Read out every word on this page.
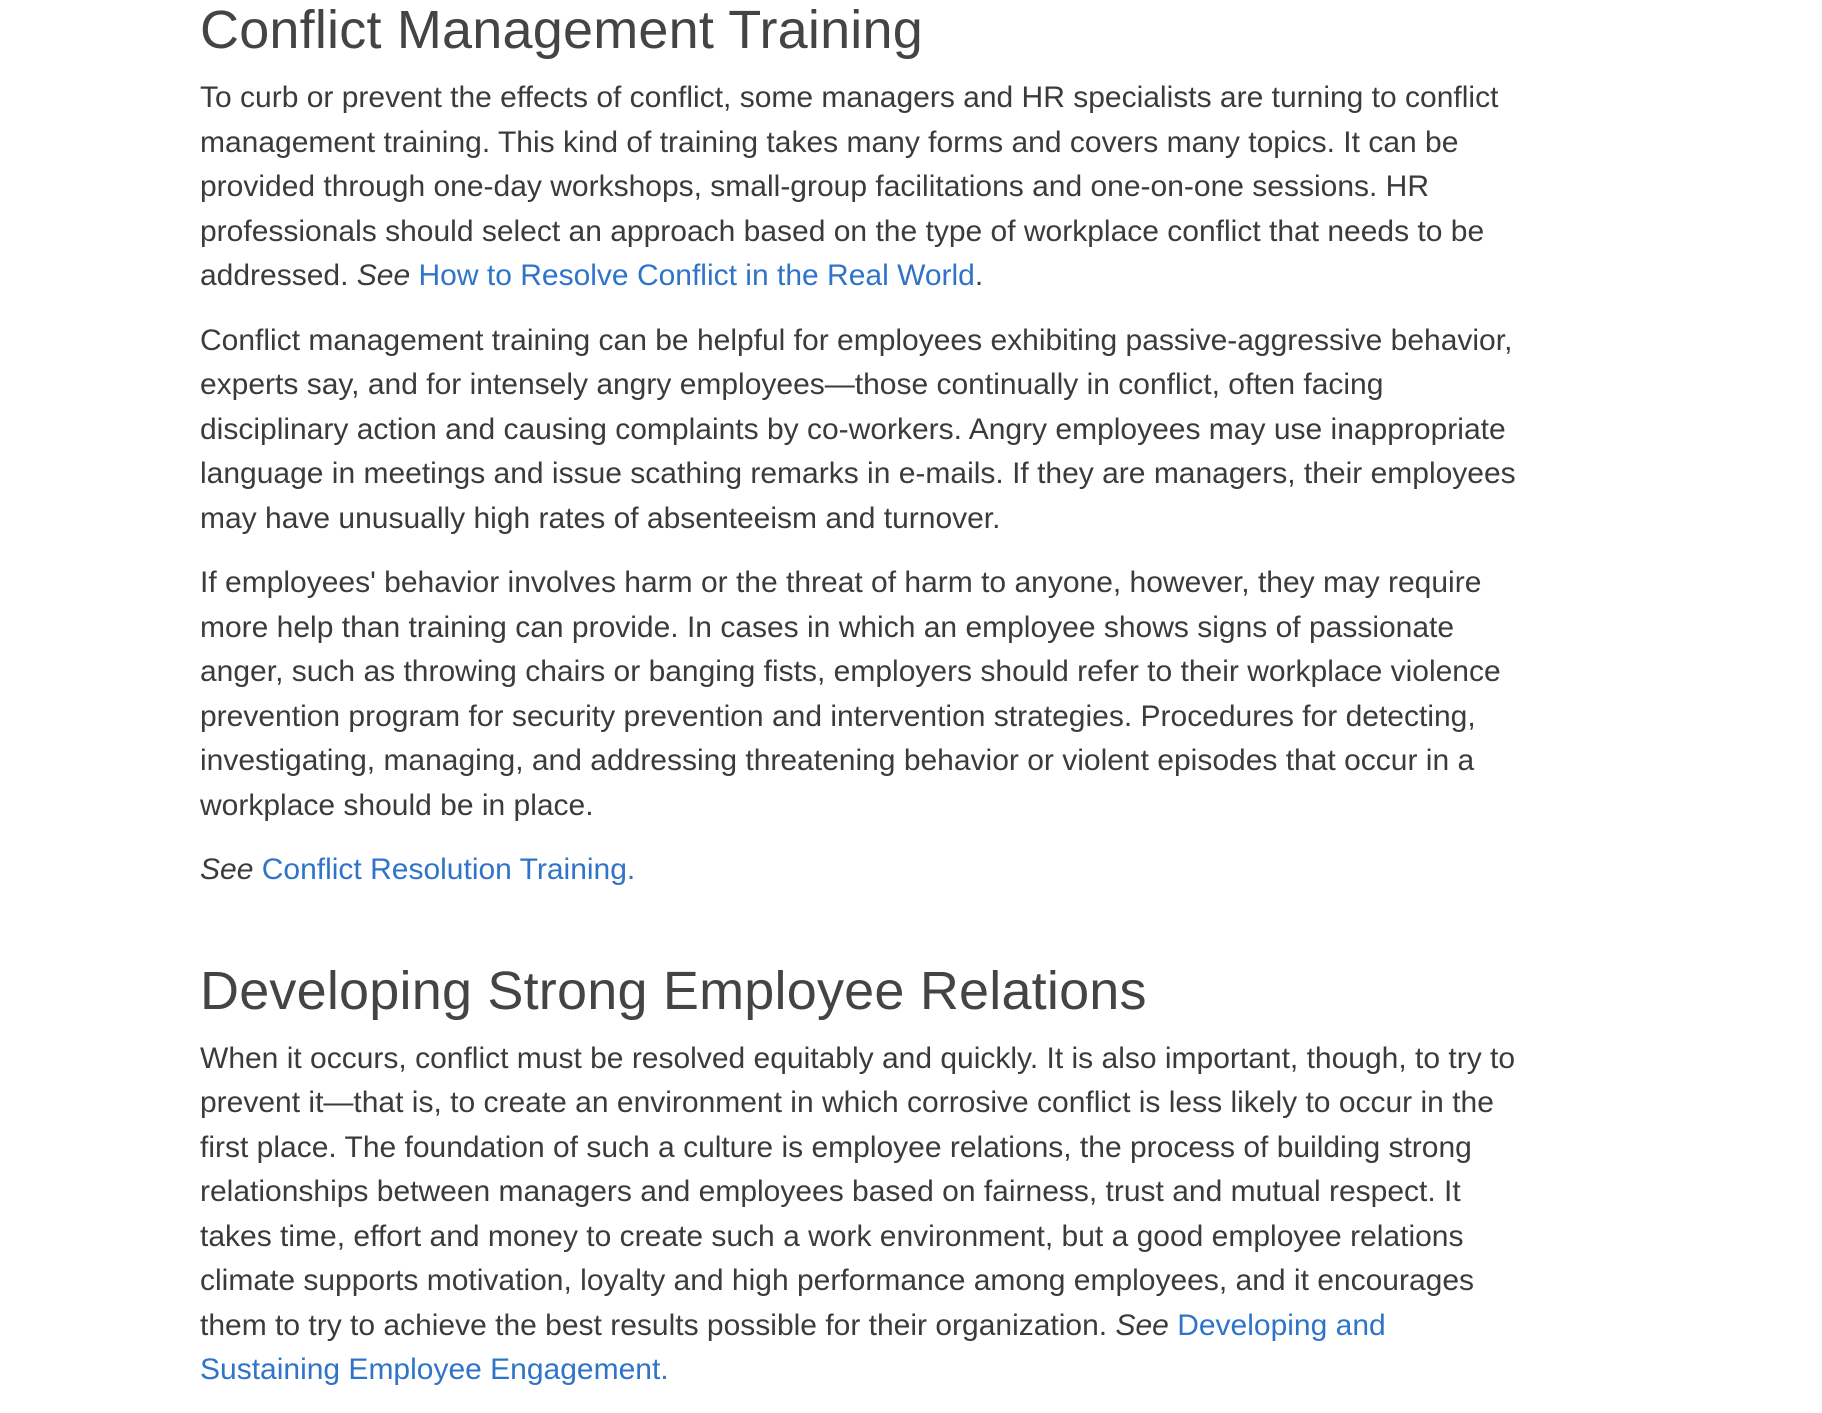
Conflict Management Training

To curb or prevent the effects of conflict, some managers and HR specialists are turning to conflict management training. This kind of training takes many forms and covers many topics. It can be provided through one-day workshops, small-group facilitations and one-on-one sessions. HR professionals should select an approach based on the type of workplace conflict that needs to be addressed. See How to Resolve Conflict in the Real World.

Conflict management training can be helpful for employees exhibiting passive-aggressive behavior, experts say, and for intensely angry employees—those continually in conflict, often facing disciplinary action and causing complaints by co-workers. Angry employees may use inappropriate language in meetings and issue scathing remarks in e-mails. If they are managers, their employees may have unusually high rates of absenteeism and turnover.

If employees' behavior involves harm or the threat of harm to anyone, however, they may require more help than training can provide. In cases in which an employee shows signs of passionate anger, such as throwing chairs or banging fists, employers should refer to their workplace violence prevention program for security prevention and intervention strategies. Procedures for detecting, investigating, managing, and addressing threatening behavior or violent episodes that occur in a workplace should be in place.

See Conflict Resolution Training.

Developing Strong Employee Relations

When it occurs, conflict must be resolved equitably and quickly. It is also important, though, to try to prevent it—that is, to create an environment in which corrosive conflict is less likely to occur in the first place. The foundation of such a culture is employee relations, the process of building strong relationships between managers and employees based on fairness, trust and mutual respect. It takes time, effort and money to create such a work environment, but a good employee relations climate supports motivation, loyalty and high performance among employees, and it encourages them to try to achieve the best results possible for their organization. See Developing and Sustaining Employee Engagement.
